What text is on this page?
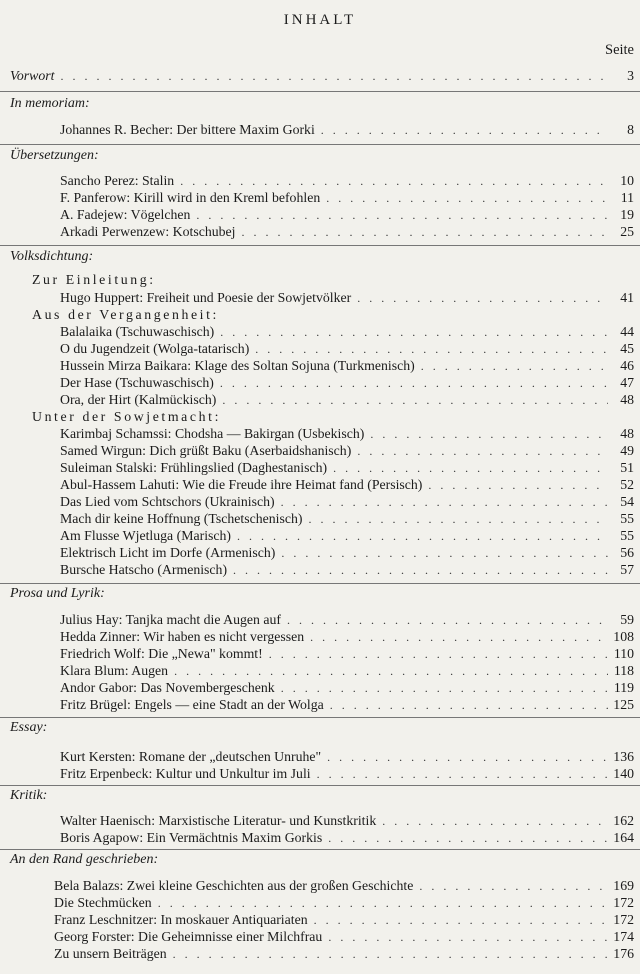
INHALT
Seite
Vorwort . . .	3
In memoriam:
Johannes R. Becher: Der bittere Maxim Gorki . . .	8
Übersetzungen:
Sancho Perez: Stalin . . .	10
F. Panferow: Kirill wird in den Kreml befohlen . . .	11
A. Fadejew: Vögelchen . . .	19
Arkadi Perwenzew: Kotschubej . . .	25
Volksdichtung:
Zur Einleitung:
Hugo Huppert: Freiheit und Poesie der Sowjetvölker . . .	41
Aus der Vergangenheit:
Balalaika (Tschuwaschisch) . . .	44
O du Jugendzeit (Wolga-tatarisch) . . .	45
Hussein Mirza Baikara: Klage des Soltan Sojuna (Turkmenisch) . . .	46
Der Hase (Tschuwaschisch) . . .	47
Ora, der Hirt (Kalmückisch) . . .	48
Unter der Sowjetmacht:
Karimbaj Schamssi: Chodsha — Bakirgan (Usbekisch) . . .	48
Samed Wirgun: Dich grüßt Baku (Aserbaidshanisch) . . .	49
Suleiman Stalski: Frühlingslied (Daghestanisch) . . .	51
Abul-Hassem Lahuti: Wie die Freude ihre Heimat fand (Persisch) . . .	52
Das Lied vom Schtschors (Ukrainisch) . . .	54
Mach dir keine Hoffnung (Tschetschenisch) . . .	55
Am Flusse Wjetluga (Marisch) . . .	55
Elektrisch Licht im Dorfe (Armenisch) . . .	56
Bursche Hatscho (Armenisch) . . .	57
Prosa und Lyrik:
Julius Hay: Tanjka macht die Augen auf . . .	59
Hedda Zinner: Wir haben es nicht vergessen . . .	108
Friedrich Wolf: Die „Newa" kommt! . . .	110
Klara Blum: Augen . . .	118
Andor Gabor: Das Novembergeschenk . . .	119
Fritz Brügel: Engels — eine Stadt an der Wolga . . .	125
Essay:
Kurt Kersten: Romane der „deutschen Unruhe" . . .	136
Fritz Erpenbeck: Kultur und Unkultur im Juli . . .	140
Kritik:
Walter Haenisch: Marxistische Literatur- und Kunstkritik . . .	162
Boris Agapow: Ein Vermächtnis Maxim Gorkis . . .	164
An den Rand geschrieben:
Bela Balazs: Zwei kleine Geschichten aus der großen Geschichte . . .	169
Die Stechmücken . . .	172
Franz Leschnitzer: In moskauer Antiquariaten . . .	172
Georg Forster: Die Geheimnisse einer Milchfrau . . .	174
Zu unsern Beiträgen . . .	176
